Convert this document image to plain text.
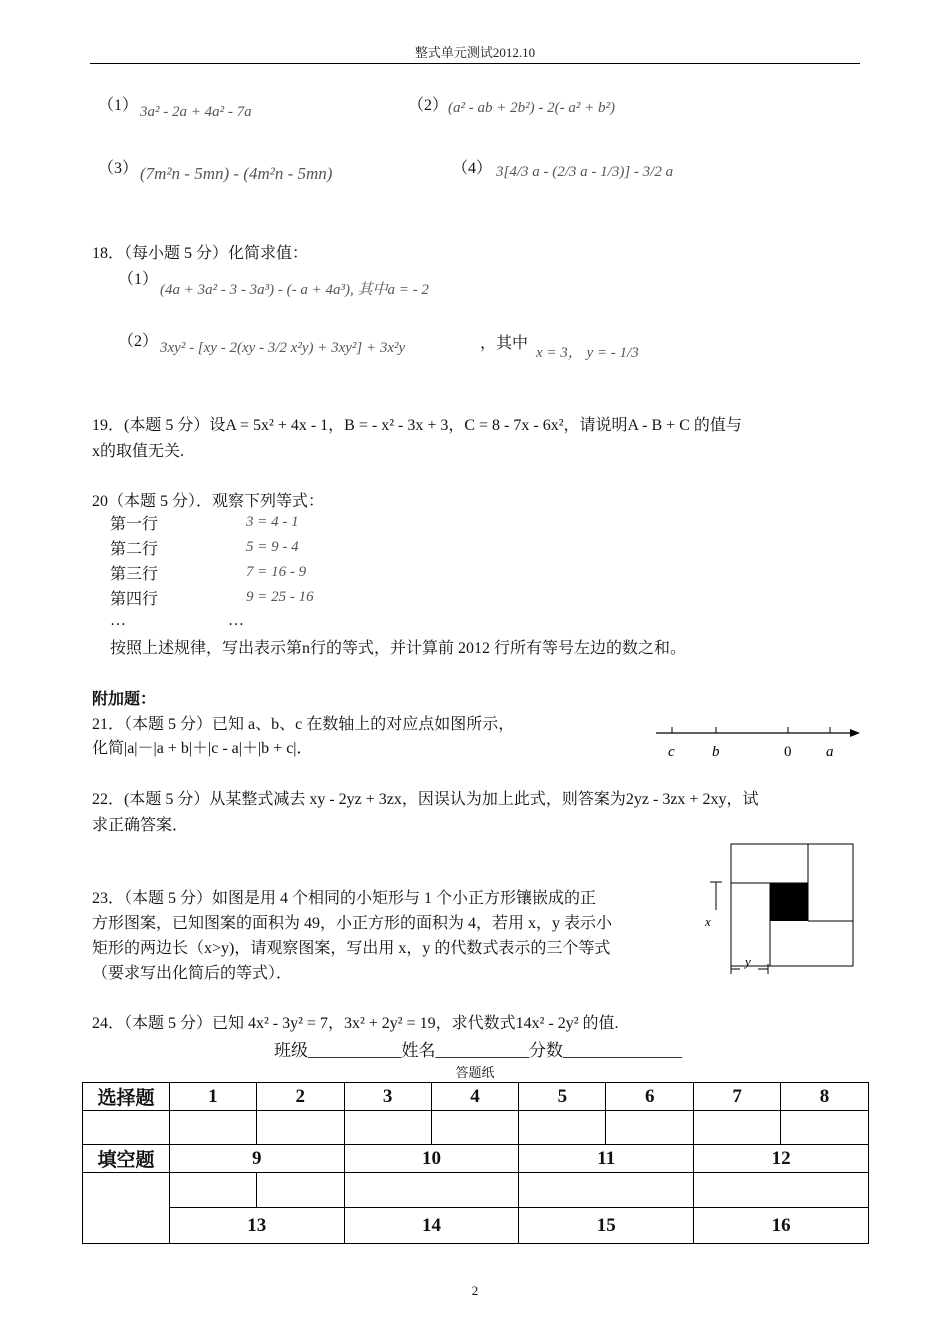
整式单元测试2012.10
（1） 3a² - 2a + 4a² - 7a	（2） (a² - ab + 2b²) - 2(- a² + b²)
（3） (7m²n - 5mn) - (4m²n - 5mn)	（4） 3[4/3 a - (2/3 a - 1/3)] - 3/2 a
18．（每小题 5 分）化简求值：
（1）
(4a + 3a² - 3 - 3a³) - (- a + 4a³), 其中a = - 2
（2） 3xy² - [xy - 2(xy - 3/2 x²y) + 3xy²] + 3x²y	，其中
x = 3， y = - 1/3
19．(本题 5 分）设A = 5x² + 4x - 1，B = - x² - 3x + 3，C = 8 - 7x - 6x²，请说明A - B + C 的值与
x的取值无关.
20（本题 5 分）．观察下列等式：
第一行	3 = 4 - 1
第二行	5 = 9 - 4
第三行	7 = 16 - 9
第四行	9 = 25 - 16
…	…
按照上述规律，写出表示第n行的等式，并计算前 2012 行所有等号左边的数之和。
附加题：
21．（本题 5 分）已知 a、b、c 在数轴上的对应点如图所示，
化简|a|－|a + b|＋|c - a|＋|b + c|．	c b	0 a
22．(本题 5 分）从某整式减去 xy - 2yz + 3zx，因误认为加上此式，则答案为2yz - 3zx + 2xy，试
求正确答案．
23．（本题 5 分）如图是用 4 个相同的小矩形与 1 个小正方形镶嵌成的正
方形图案，已知图案的面积为 49，小正方形的面积为 4，若用 x，y 表示小
矩形的两边长（x>y)，请观察图案，写出用 x，y 的代数式表示的三个等式
（要求写出化简后的等式）．
x
y
24．（本题 5 分）已知 4x² - 3y² = 7，3x² + 2y² = 19，求代数式14x² - 2y² 的值.
班级___________姓名___________分数______________
答题纸
选择题	1	2	3	4	5	6	7	8

填空题	9		10		11		12	

	13		14		15		16	
2
